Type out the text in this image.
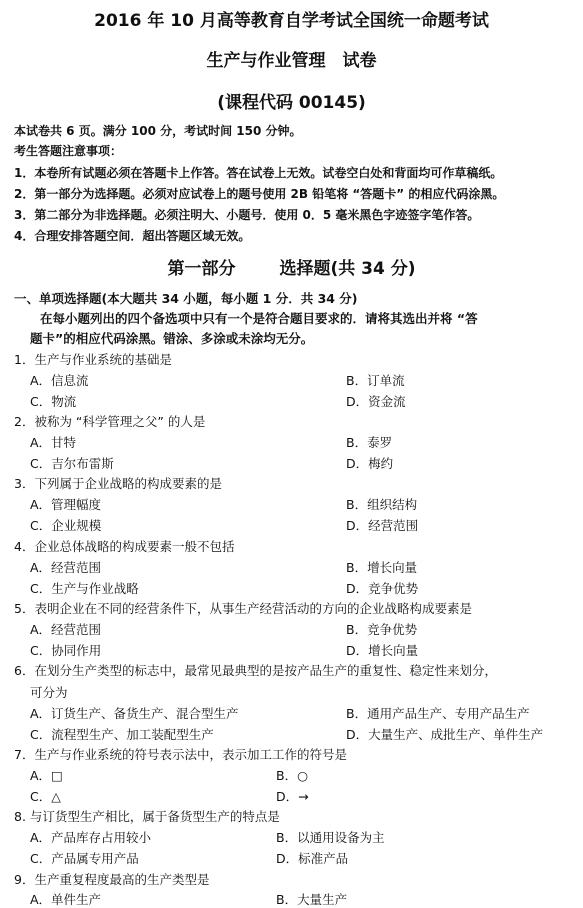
2016 年 10 月高等教育自学考试全国统一命题考试
生产与作业管理　试卷
(课程代码 00145)
本试卷共 6 页。满分 100 分，考试时间 150 分钟。
考生答题注意事项：
1．本卷所有试题必须在答题卡上作答。答在试卷上无效。试卷空白处和背面均可作草稿纸。
2．第一部分为选择题。必须对应试卷上的题号使用 2B 铅笔将 “答题卡” 的相应代码涂黑。
3．第二部分为非选择题。必须注明大、小题号．使用 0．5 毫米黑色字迹签字笔作答。
4．合理安排答题空间．超出答题区域无效。
第一部分	选择题(共 34 分)
一、单项选择题(本大题共 34 小题，每小题 1 分．共 34 分)
在每小题列出的四个备选项中只有一个是符合题目要求的．请将其选出并将 “答
题卡”的相应代码涂黑。错涂、多涂或未涂均无分。
1．生产与作业系统的基础是
A．信息流	B．订单流
C．物流	D．资金流
2．被称为 “科学管理之父” 的人是
A．甘特	B．泰罗
C．吉尔布雷斯	D．梅约
3．下列属于企业战略的构成要素的是
A．管理幅度	B．组织结构
C．企业规模	D．经营范围
4．企业总体战略的构成要素一般不包括
A．经营范围	B．增长向量
C．生产与作业战略	D．竞争优势
5．表明企业在不同的经营条件下，从事生产经营活动的方向的企业战略构成要素是
A．经营范围	B．竞争优势
C．协同作用	D．增长向量
6．在划分生产类型的标志中，最常见最典型的是按产品生产的重复性、稳定性来划分，
可分为
A．订货生产、备货生产、混合型生产	B．通用产品生产、专用产品生产
C．流程型生产、加工装配型生产	D．大量生产、成批生产、单件生产
7．生产与作业系统的符号表示法中，表示加工工作的符号是
A．□	B．○
C．△	D．→
8. 与订货型生产相比，属于备货型生产的特点是
A．产品库存占用较小	B．以通用设备为主
C．产品属专用产品	D．标准产品
9．生产重复程度最高的生产类型是
A．单件生产	B．大量生产
